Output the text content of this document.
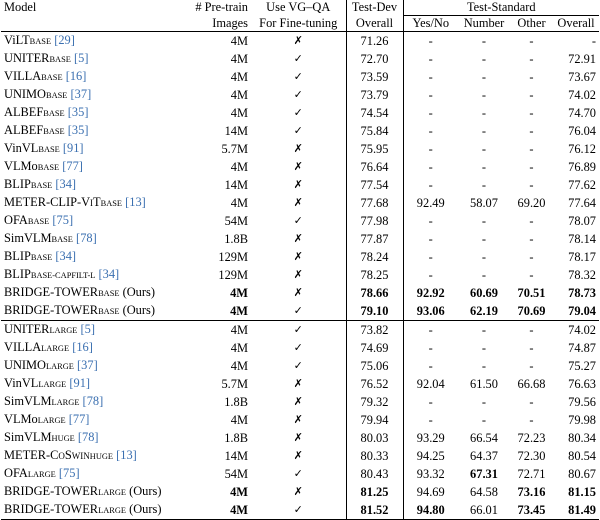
Model	# Pre-train	Use VG–QA	Test-Dev	Test-Standard			
	Images	For Fine-tuning	Overall	Yes/No	Number	Other	Overall
ViLTBASE [29]	4M	✗	71.26	-	-	-	-
UNITERBASE [5]	4M	✓	72.70	-	-	-	72.91
VILLABASE [16]	4M	✓	73.59	-	-	-	73.67
UNIMOBASE [37]	4M	✓	73.79	-	-	-	74.02
ALBEFBASE [35]	4M	✓	74.54	-	-	-	74.70
ALBEFBASE [35]	14M	✓	75.84	-	-	-	76.04
VinVLBASE [91]	5.7M	✗	75.95	-	-	-	76.12
VLMoBASE [77]	4M	✗	76.64	-	-	-	76.89
BLIPBASE [34]	14M	✗	77.54	-	-	-	77.62
METER-CLIP-ViTBASE [13]	4M	✗	77.68	92.49	58.07	69.20	77.64
OFABASE [75]	54M	✓	77.98	-	-	-	78.07
SimVLMBASE [78]	1.8B	✗	77.87	-	-	-	78.14
BLIPBASE [34]	129M	✗	78.24	-	-	-	78.17
BLIPBASE-CAPFILT-L [34]	129M	✗	78.25	-	-	-	78.32
BRIDGE-TOWERBASE (Ours)	4M	✗	78.66	92.92	60.69	70.51	78.73
BRIDGE-TOWERBASE (Ours)	4M	✓	79.10	93.06	62.19	70.69	79.04
UNITERLARGE [5]	4M	✓	73.82	-	-	-	74.02
VILLALARGE [16]	4M	✓	74.69	-	-	-	74.87
UNIMOLARGE [37]	4M	✓	75.06	-	-	-	75.27
VinVLLARGE [91]	5.7M	✗	76.52	92.04	61.50	66.68	76.63
SimVLMLARGE [78]	1.8B	✗	79.32	-	-	-	79.56
VLMoLARGE [77]	4M	✗	79.94	-	-	-	79.98
SimVLMHUGE [78]	1.8B	✗	80.03	93.29	66.54	72.23	80.34
METER-CoSwinHUGE [13]	14M	✗	80.33	94.25	64.37	72.30	80.54
OFALARGE [75]	54M	✓	80.43	93.32	67.31	72.71	80.67
BRIDGE-TOWERLARGE (Ours)	4M	✗	81.25	94.69	64.58	73.16	81.15
BRIDGE-TOWERLARGE (Ours)	4M	✓	81.52	94.80	66.01	73.45	81.49
